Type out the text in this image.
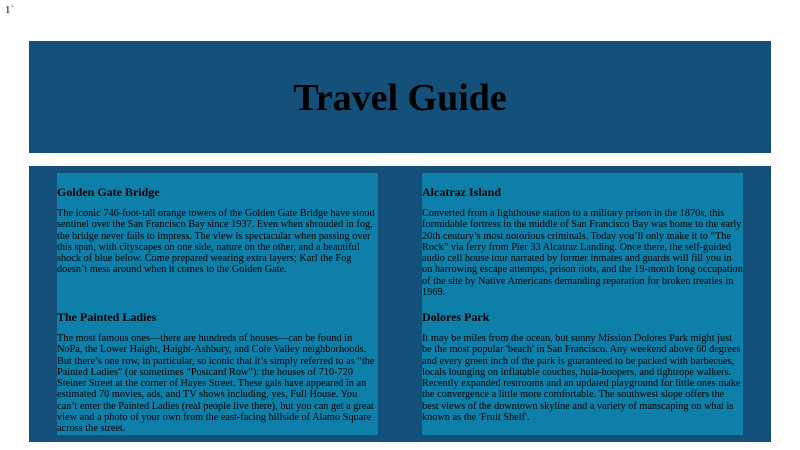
1`
Travel Guide
Golden Gate Bridge

The iconic 746-foot-tall orange towers of the Golden Gate Bridge have stood sentinel over the San Francisco Bay since 1937. Even when shrouded in fog, the bridge never fails to impress. The view is spectacular when passing over this span, with cityscapes on one side, nature on the other, and a beautiful shock of blue below. Come prepared wearing extra layers; Karl the Fog doesn’t mess around when it comes to the Golden Gate.

The Painted Ladies

The most famous ones—there are hundreds of houses—can be found in NoPa, the Lower Haight, Haight-Ashbury, and Cole Valley neighborhoods. But there’s one row, in particular, so iconic that it’s simply referred to as “the Painted Ladies” (or sometimes “Postcard Row”): the houses of 710-720 Steiner Street at the corner of Hayes Street. These gals have appeared in an estimated 70 movies, ads, and TV shows including, yes, Full House. You can’t enter the Painted Ladies (real people live there), but you can get a great view and a photo of your own from the east-facing hillside of Alamo Square across the street.

Alcatraz Island

Converted from a lighthouse station to a military prison in the 1870s, this formidable fortress in the middle of San Francisco Bay was home to the early 20th century’s most notorious criminals. Today you’ll only make it to “The Rock” via ferry from Pier 33 Alcatraz Landing. Once there, the self-guided audio cell house tour narrated by former inmates and guards will fill you in on harrowing escape attempts, prison riots, and the 19-month long occupation of the site by Native Americans demanding reparation for broken treaties in 1969.

Dolores Park

It may be miles from the ocean, but sunny Mission Dolores Park might just be the most popular 'beach' in San Francisco. Any weekend above 60 degrees and every green inch of the park is guaranteed to be packed with barbecues, locals lounging on inflatable couches, hula-hoopers, and tightrope walkers. Recently expanded restrooms and an updated playground for little ones make the convergence a little more comfortable. The southwest slope offers the best views of the downtown skyline and a variety of manscaping on what is known as the 'Fruit Shelf'.
